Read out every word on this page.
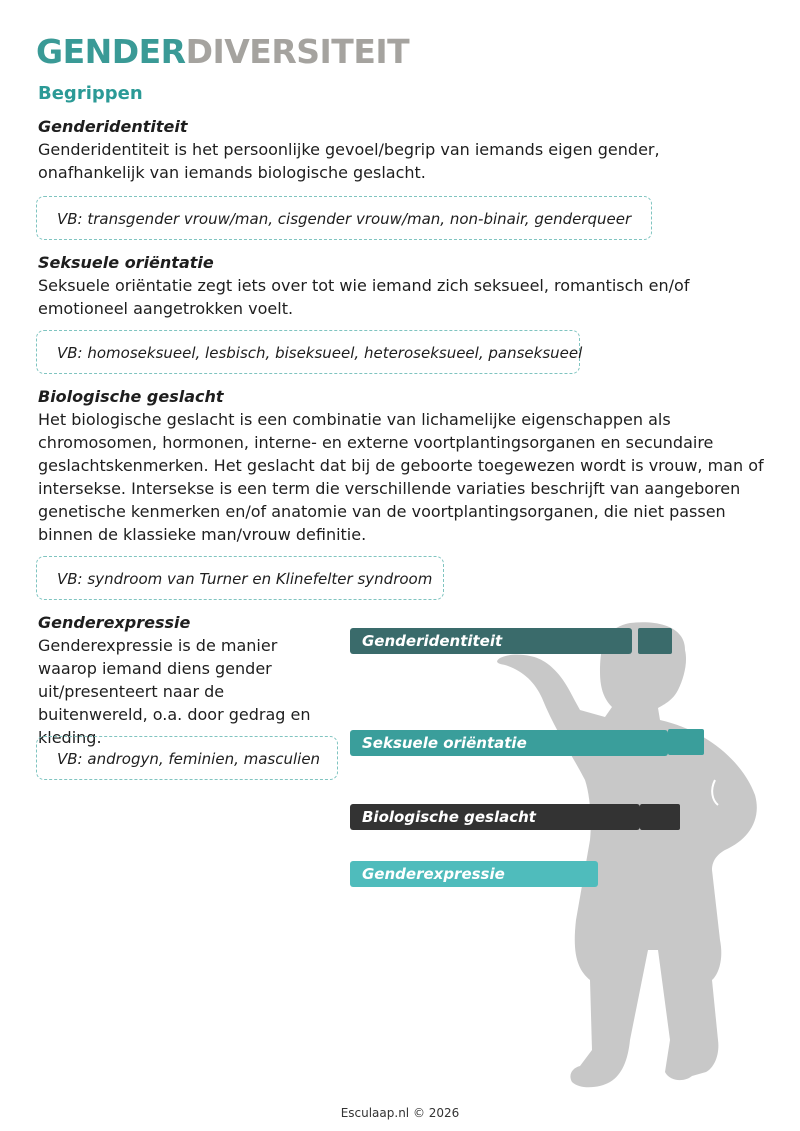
GENDERDIVERSITEIT
Begrippen
Genderidentiteit
Genderidentiteit is het persoonlijke gevoel/begrip van iemands eigen gender, onafhankelijk van iemands biologische geslacht.
VB: transgender vrouw/man, cisgender vrouw/man, non-binair, genderqueer
Seksuele oriëntatie
Seksuele oriëntatie zegt iets over tot wie iemand zich seksueel, romantisch en/of emotioneel aangetrokken voelt.
VB: homoseksueel, lesbisch, biseksueel, heteroseksueel, panseksueel
Biologische geslacht
Het biologische geslacht is een combinatie van lichamelijke eigenschappen als chromosomen, hormonen, interne- en externe voortplantingsorganen en secundaire geslachtskenmerken. Het geslacht dat bij de geboorte toegewezen wordt is vrouw, man of intersekse. Intersekse is een term die verschillende variaties beschrijft van aangeboren genetische kenmerken en/of anatomie van de voortplantingsorganen, die niet passen binnen de klassieke man/vrouw definitie.
VB: syndroom van Turner en Klinefelter syndroom
Genderexpressie
Genderexpressie is de manier waarop iemand diens gender uit/presenteert naar de buitenwereld, o.a. door gedrag en kleding.
VB: androgyn, feminien, masculien
Genderidentiteit
Seksuele oriëntatie
Biologische geslacht
Genderexpressie
Esculaap.nl © 2026
